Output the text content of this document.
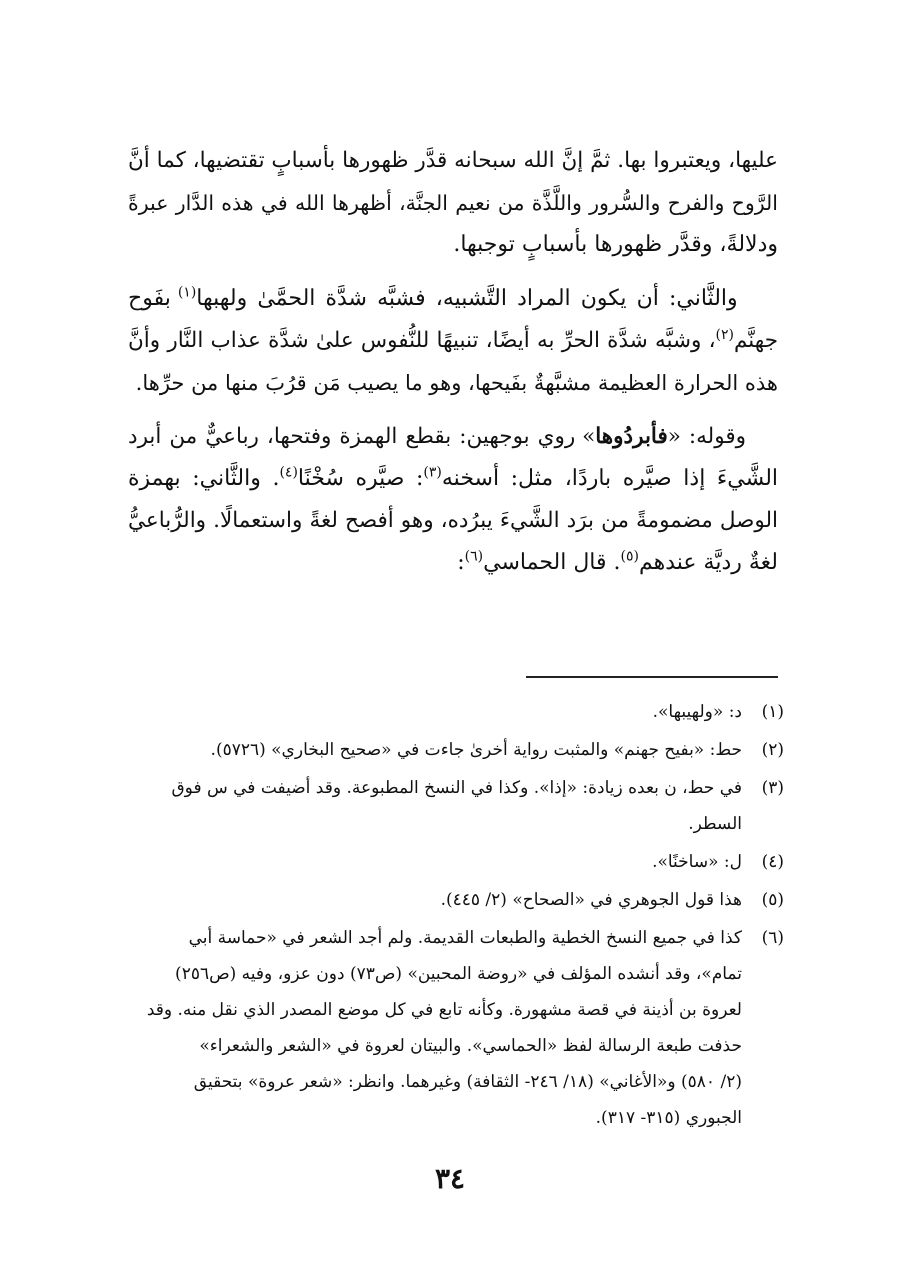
عليها، ويعتبروا بها. ثمَّ إنَّ الله سبحانه قدَّر ظهورها بأسبابٍ تقتضيها، كما أنَّ
الرَّوح والفرح والسُّرور واللَّذَّة من نعيم الجنَّة، أظهرها الله في هذه الدَّار عبرةً
ودلالةً، وقدَّر ظهورها بأسبابٍ توجبها.

​    والثَّاني: أن يكون المراد التَّشبيه، فشبَّه شدَّة الحمَّىٰ ولهبها$^{(١)}$ بفَوح
جهنَّم$^{(٢)}$، وشبَّه شدَّة الحرِّ به أيضًا، تنبيهًا للنُّفوس علىٰ شدَّة عذاب النَّار وأنَّ
هذه الحرارة العظيمة مشبَّهةٌ بفَيحها، وهو ما يصيب مَن قرُبَ منها من حرِّها.

​    وقوله: «فأبردُوها» روي بوجهين: بقطع الهمزة وفتحها، رباعيٌّ من أبرد
الشَّيءَ إذا صيَّره باردًا، مثل: أسخنه$^{(٣)}$: صيَّره سُخْنًا$^{(٤)}$. والثَّاني: بهمزة
الوصل مضمومةً من برَد الشَّيءَ يبرُده، وهو أفصح لغةً واستعمالًا. والرُّباعيُّ
لغةٌ رديَّة عندهم$^{(٥)}$. قال الحماسي$^{(٦)}$:

(١)
د: «ولهيبها».
(٢)
حط: «بفيح جهنم» والمثبت رواية أخرىٰ جاءت في «صحيح البخاري» (٥٧٢٦).
(٣)
في حط، ن بعده زيادة: «إذا». وكذا في النسخ المطبوعة. وقد أضيفت في س فوق
السطر.
(٤)
ل: «ساخنًا».
(٥)
هذا قول الجوهري في «الصحاح» (٢/ ٤٤٥).
(٦)
كذا في جميع النسخ الخطية والطبعات القديمة. ولم أجد الشعر في «حماسة أبي
تمام»، وقد أنشده المؤلف في «روضة المحبين» (ص٧٣) دون عزو، وفيه (ص٢٥٦)
لعروة بن أذينة في قصة مشهورة. وكأنه تابع في كل موضع المصدر الذي نقل منه. وقد
حذفت طبعة الرسالة لفظ «الحماسي». والبيتان لعروة في «الشعر والشعراء»
(٢/ ٥٨٠) و«الأغاني» (١٨/ ٢٤٦- الثقافة) وغيرهما. وانظر: «شعر عروة» بتحقيق
الجبوري (٣١٥- ٣١٧).
٣٤
